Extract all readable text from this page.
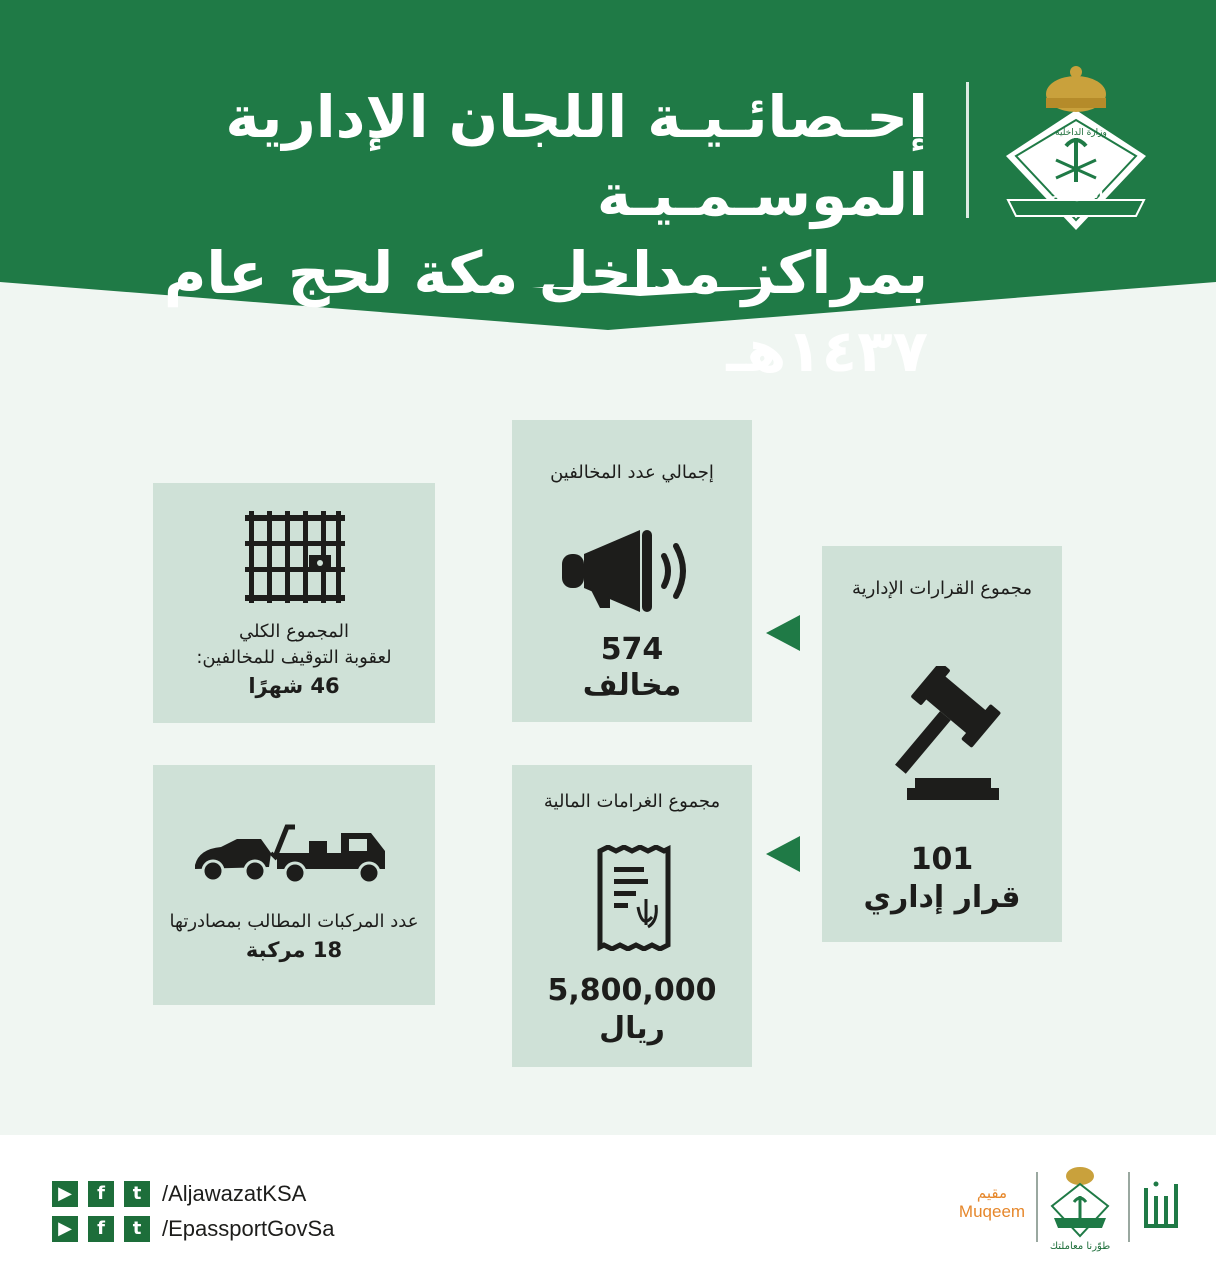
إحـصائـيـة اللجان الإدارية الموسـمـيـة
بمراكز مداخل مكة لحج عام ١٤٣٧هـ
وزارة الداخلية
الجوازات
مجموع القرارات الإدارية
101
قرار إداري
إجمالي عدد المخالفين
574
مخالف
مجموع الغرامات المالية
5,800,000
ريال
المجموع الكلي
لعقوبة التوقيف للمخالفين:
46 شهرًا
عدد المركبات المطالب بمصادرتها
18 مركبة
▶	f	t /AljawazatKSA
▶	f	t /EpassportGovSa
مقيم
Muqeem
طوّرنا معاملتك
